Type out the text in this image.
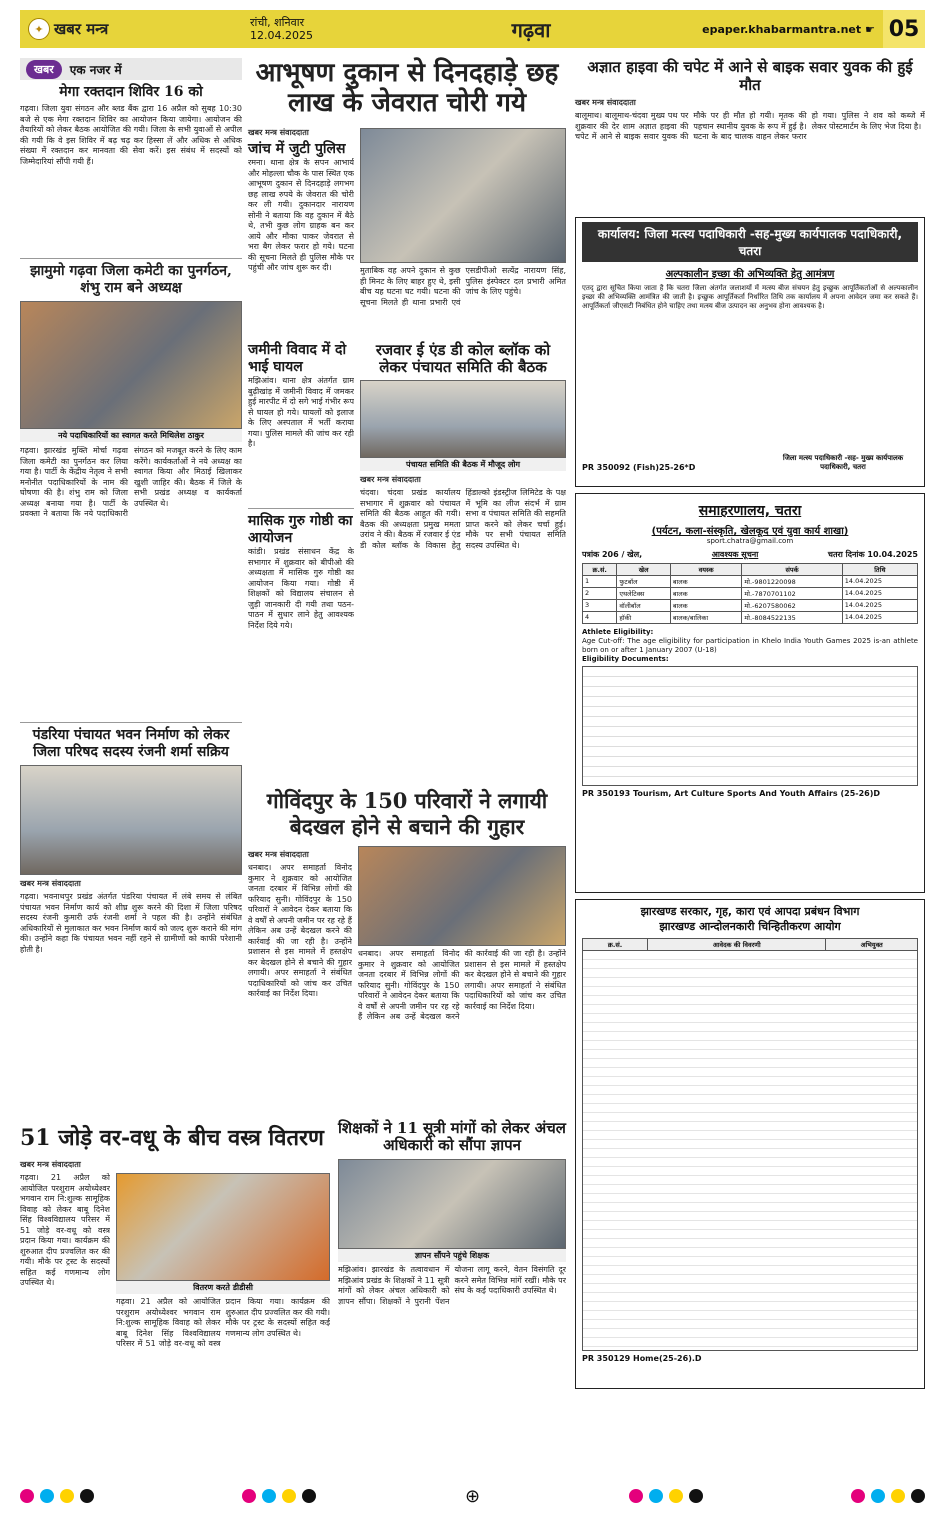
✦ खबर मन्त्र	रांची, शनिवार
12.04.2025	गढ़वा	epaper.khabarmantra.net ☛ 05
खबर	एक नजर में
मेगा रक्तदान शिविर 16 को
गढ़वा। जिला युवा संगठन और ब्लड बैंक द्वारा 16 अप्रैल को सुबह 10:30 बजे से एक मेगा रक्तदान शिविर का आयोजन किया जायेगा। आयोजन की तैयारियों को लेकर बैठक आयोजित की गयी। जिला के सभी युवाओं से अपील की गयी कि वे इस शिविर में बढ़ चढ़ कर हिस्सा लें और अधिक से अधिक संख्या में रक्तदान कर मानवता की सेवा करें। इस संबंध में सदस्यों को जिम्मेदारियां सौंपी गयी हैं।
झामुमो गढ़वा जिला कमेटी का पुनर्गठन, शंभु राम बने अध्यक्ष
नये पदाधिकारियों का स्वागत करते मिथिलेश ठाकुर
गढ़वा। झारखंड मुक्ति मोर्चा गढ़वा जिला कमेटी का पुनर्गठन कर लिया गया है। पार्टी के केंद्रीय नेतृत्व ने सभी मनोनीत पदाधिकारियों के नाम की घोषणा की है। शंभु राम को जिला अध्यक्ष बनाया गया है। पार्टी के प्रवक्ता ने बताया कि नये पदाधिकारी संगठन को मजबूत करने के लिए काम करेंगे। कार्यकर्ताओं ने नये अध्यक्ष का स्वागत किया और मिठाई खिलाकर खुशी जाहिर की। बैठक में जिले के सभी प्रखंड अध्यक्ष व कार्यकर्ता उपस्थित थे।
पंडरिया पंचायत भवन निर्माण को लेकर जिला परिषद सदस्य रंजनी शर्मा सक्रिय
खबर मन्त्र संवाददाता
गढ़वा। भवनाथपुर प्रखंड अंतर्गत पंडरिया पंचायत में लंबे समय से लंबित पंचायत भवन निर्माण कार्य को शीघ्र शुरू करने की दिशा में जिला परिषद सदस्य रंजनी कुमारी उर्फ रंजनी शर्मा ने पहल की है। उन्होंने संबंधित अधिकारियों से मुलाकात कर भवन निर्माण कार्य को जल्द शुरू कराने की मांग की। उन्होंने कहा कि पंचायत भवन नहीं रहने से ग्रामीणों को काफी परेशानी होती है।
51 जोड़े वर-वधू के बीच वस्त्र वितरण
खबर मन्त्र संवाददाता
गढ़वा। 21 अप्रैल को आयोजित परशुराम अयोध्येश्वर भगवान राम नि:शुल्क सामूहिक विवाह को लेकर बाबू दिनेश सिंह विश्वविद्यालय परिसर में 51 जोड़े वर-वधू को वस्त्र प्रदान किया गया। कार्यक्रम की शुरुआत दीप प्रज्वलित कर की गयी। मौके पर ट्रस्ट के सदस्यों सहित कई गणमान्य लोग उपस्थित थे।
वितरण करते डीडीसी
गढ़वा। 21 अप्रैल को आयोजित परशुराम अयोध्येश्वर भगवान राम नि:शुल्क सामूहिक विवाह को लेकर बाबू दिनेश सिंह विश्वविद्यालय परिसर में 51 जोड़े वर-वधू को वस्त्र प्रदान किया गया। कार्यक्रम की शुरुआत दीप प्रज्वलित कर की गयी। मौके पर ट्रस्ट के सदस्यों सहित कई गणमान्य लोग उपस्थित थे।
आभूषण दुकान से दिनदहाड़े छह लाख के जेवरात चोरी गये
खबर मन्त्र संवाददाता
जांच में जुटी पुलिस
रमना। थाना क्षेत्र के सपन आभार्य और मोहल्ला चौक के पास स्थित एक आभूषण दुकान से दिनदहाड़े लगभग छह लाख रुपये के जेवरात की चोरी कर ली गयी। दुकानदार नारायण सोनी ने बताया कि वह दुकान में बैठे थे, तभी कुछ लोग ग्राहक बन कर आये और मौका पाकर जेवरात से भरा बैग लेकर फरार हो गये। घटना की सूचना मिलते ही पुलिस मौके पर पहुंची और जांच शुरू कर दी।	मुताबिक वह अपने दुकान से कुछ ही मिनट के लिए बाहर हुए थे, इसी बीच यह घटना घट गयी। घटना की सूचना मिलते ही थाना प्रभारी एवं एसडीपीओ सत्येंद्र नारायण सिंह, पुलिस इंस्पेक्टर दल प्रभारी अमित जांच के लिए पहुंचे।
जमीनी विवाद में दो भाई घायल
मझिआंव। थाना क्षेत्र अंतर्गत ग्राम बुढ़ीखांड़ में जमीनी विवाद में जमकर हुई मारपीट में दो सगे भाई गंभीर रूप से घायल हो गये। घायलों को इलाज के लिए अस्पताल में भर्ती कराया गया। पुलिस मामले की जांच कर रही है।
मासिक गुरु गोष्ठी का आयोजन
कांडी। प्रखंड संसाधन केंद्र के सभागार में शुक्रवार को बीपीओ की अध्यक्षता में मासिक गुरु गोष्ठी का आयोजन किया गया। गोष्ठी में शिक्षकों को विद्यालय संचालन से जुड़ी जानकारी दी गयी तथा पठन-पाठन में सुधार लाने हेतु आवश्यक निर्देश दिये गये।
रजवार ई एंड डी कोल ब्लॉक को लेकर पंचायत समिति की बैठक
पंचायत समिति की बैठक में मौजूद लोग
खबर मन्त्र संवाददाता
चंदवा। चंदवा प्रखंड कार्यालय सभागार में शुक्रवार को पंचायत समिति की बैठक आहूत की गयी। बैठक की अध्यक्षता प्रमुख ममता उरांव ने की। बैठक में रजवार ई एंड डी कोल ब्लॉक के विकास हेतु हिंडाल्को इंडस्ट्रीज लिमिटेड के पक्ष में भूमि का लीज संदर्भ में ग्राम सभा व पंचायत समिति की सहमति प्राप्त करने को लेकर चर्चा हुई। मौके पर सभी पंचायत समिति सदस्य उपस्थित थे।
गोविंदपुर के 150 परिवारों ने लगायी बेदखल होने से बचाने की गुहार
खबर मन्त्र संवाददाता
धनबाद। अपर समाहर्ता विनोद कुमार ने शुक्रवार को आयोजित जनता दरबार में विभिन्न लोगों की फरियाद सुनी। गोविंदपुर के 150 परिवारों ने आवेदन देकर बताया कि वे वर्षों से अपनी जमीन पर रह रहे हैं लेकिन अब उन्हें बेदखल करने की कार्रवाई की जा रही है। उन्होंने प्रशासन से इस मामले में हस्तक्षेप कर बेदखल होने से बचाने की गुहार लगायी। अपर समाहर्ता ने संबंधित पदाधिकारियों को जांच कर उचित कार्रवाई का निर्देश दिया।
धनबाद। अपर समाहर्ता विनोद कुमार ने शुक्रवार को आयोजित जनता दरबार में विभिन्न लोगों की फरियाद सुनी। गोविंदपुर के 150 परिवारों ने आवेदन देकर बताया कि वे वर्षों से अपनी जमीन पर रह रहे हैं लेकिन अब उन्हें बेदखल करने की कार्रवाई की जा रही है। उन्होंने प्रशासन से इस मामले में हस्तक्षेप कर बेदखल होने से बचाने की गुहार लगायी। अपर समाहर्ता ने संबंधित पदाधिकारियों को जांच कर उचित कार्रवाई का निर्देश दिया।
शिक्षकों ने 11 सूत्री मांगों को लेकर अंचल अधिकारी को सौंपा ज्ञापन
ज्ञापन सौंपने पहुंचे शिक्षक
मझिआंव। झारखंड के तत्वावधान में मझिआंव प्रखंड के शिक्षकों ने 11 सूत्री मांगों को लेकर अंचल अधिकारी को ज्ञापन सौंपा। शिक्षकों ने पुरानी पेंशन योजना लागू करने, वेतन विसंगति दूर करने समेत विभिन्न मांगें रखीं। मौके पर संघ के कई पदाधिकारी उपस्थित थे।
अज्ञात हाइवा की चपेट में आने से बाइक सवार युवक की हुई मौत
खबर मन्त्र संवाददाता
बालूमाथ। बालूमाथ-चंदवा मुख्य पथ पर शुक्रवार की देर शाम अज्ञात हाइवा की चपेट में आने से बाइक सवार युवक की मौके पर ही मौत हो गयी। मृतक की पहचान स्थानीय युवक के रूप में हुई है। घटना के बाद चालक वाहन लेकर फरार हो गया। पुलिस ने शव को कब्जे में लेकर पोस्टमार्टम के लिए भेज दिया है।
कार्यालय: जिला मत्स्य पदाधिकारी -सह-मुख्य कार्यपालक पदाधिकारी, चतरा
अल्पकालीन इच्छा की अभिव्यक्ति हेतु आमंत्रण
एतद् द्वारा सूचित किया जाता है कि चतरा जिला अंतर्गत जलाशयों में मत्स्य बीज संचयन हेतु इच्छुक आपूर्तिकर्ताओं से अल्पकालीन इच्छा की अभिव्यक्ति आमंत्रित की जाती है। इच्छुक आपूर्तिकर्ता निर्धारित तिथि तक कार्यालय में अपना आवेदन जमा कर सकते हैं। आपूर्तिकर्ता जीएसटी निबंधित होने चाहिए तथा मत्स्य बीज उत्पादन का अनुभव होना आवश्यक है।
PR 350092 (Fish)25-26*D
जिला मत्स्य पदाधिकारी -सह- मुख्य कार्यपालक पदाधिकारी, चतरा
समाहरणालय, चतरा
(पर्यटन, कला-संस्कृति, खेलकूद एवं युवा कार्य शाखा)
sport.chatra@gmail.com
पत्रांक 206 / खेल,	आवश्यक सूचना	चतरा दिनांक 10.04.2025
क्र.सं.	खेल	वयस्क	संपर्क	तिथि
1	फुटबॉल	बालक	मो.-9801220098	14.04.2025
2	एथलेटिक्स	बालक	मो.-7870701102	14.04.2025
3	वॉलीबॉल	बालक	मो.-6207580062	14.04.2025
4	हॉकी	बालक/बालिका	मो.-8084522135	14.04.2025
Athlete Eligibility:
Age Cut-off: The age eligibility for participation in Khelo India Youth Games 2025 is-an athlete born on or after 1 January 2007 (U-18)
Eligibility Documents:
PR 350193 Tourism, Art Culture Sports And Youth Affairs (25-26)D
झारखण्ड सरकार, गृह, कारा एवं आपदा प्रबंधन विभाग
झारखण्ड आन्दोलनकारी चिन्हितीकरण आयोग
क्र.सं.	आवेदक की विवरणी	अभियुक्त
PR 350129 Home(25-26).D
⊕
